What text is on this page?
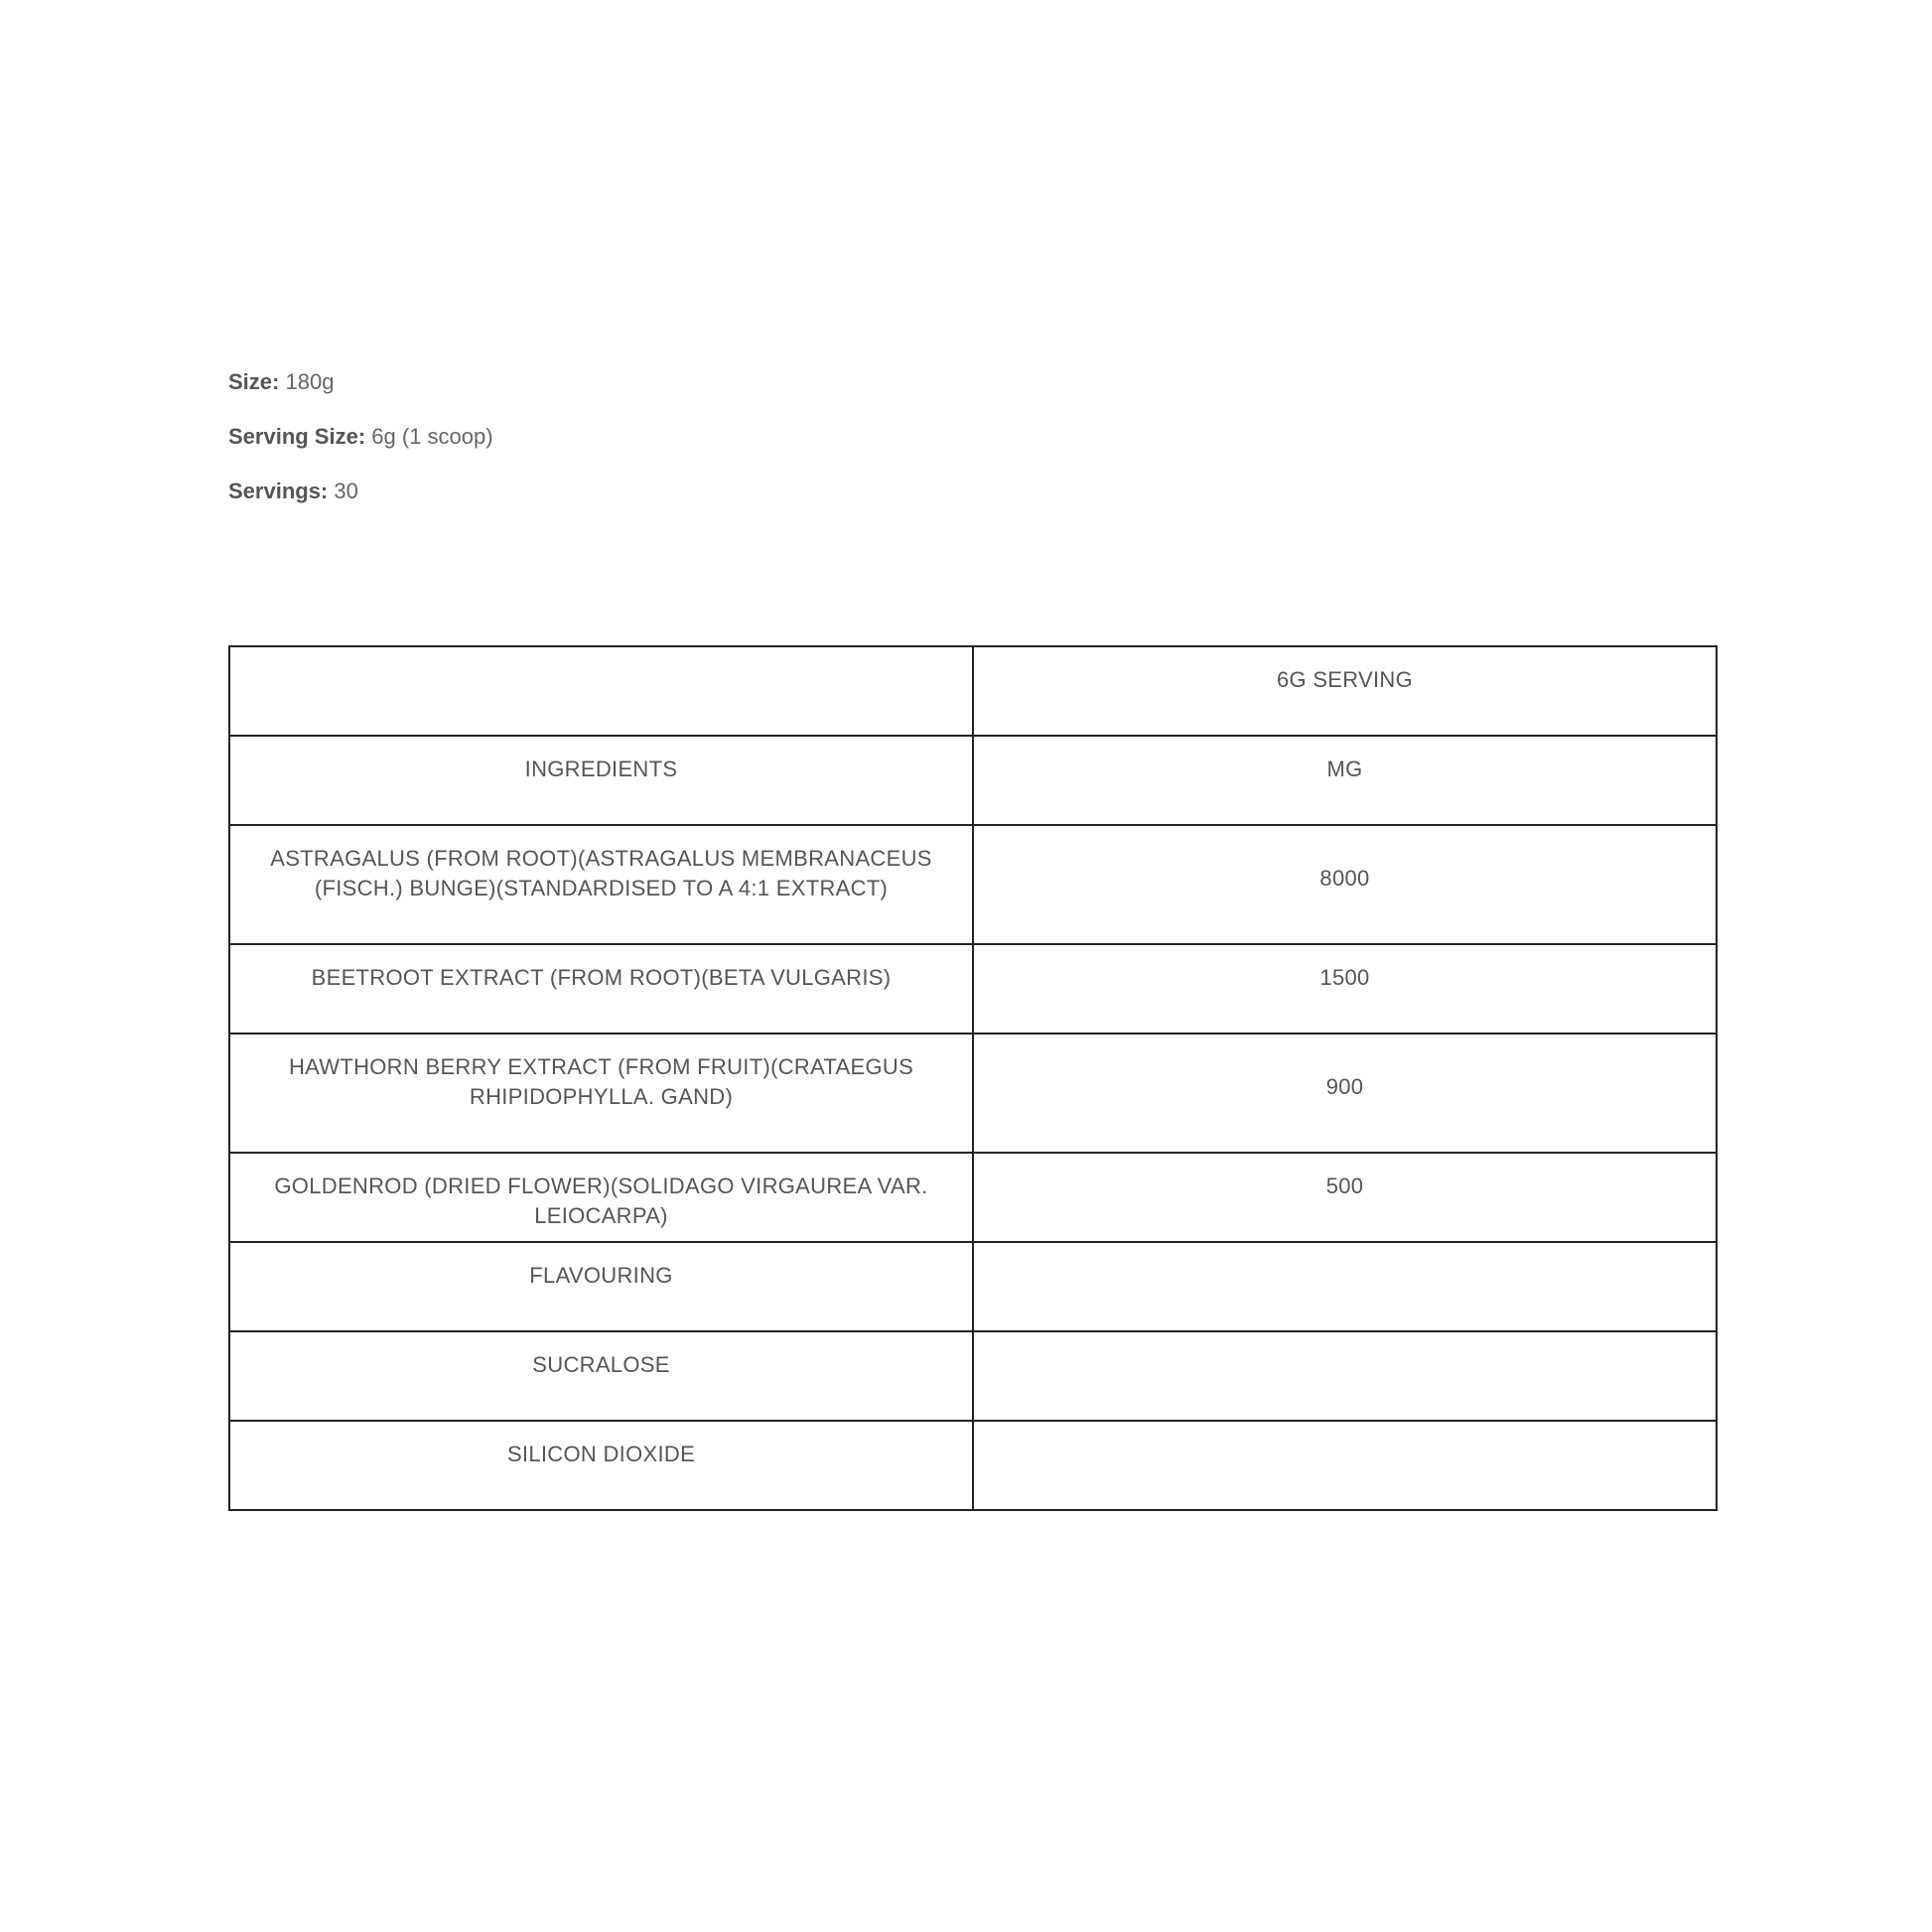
Size: 180g

Serving Size: 6g (1 scoop)

Servings: 30

	6G SERVING
INGREDIENTS	MG
ASTRAGALUS (FROM ROOT)(ASTRAGALUS MEMBRANACEUS (FISCH.) BUNGE)(STANDARDISED TO A 4:1 EXTRACT)	8000
BEETROOT EXTRACT (FROM ROOT)(BETA VULGARIS)	1500
HAWTHORN BERRY EXTRACT (FROM FRUIT)(CRATAEGUS RHIPIDOPHYLLA. GAND)	900
GOLDENROD (DRIED FLOWER)(SOLIDAGO VIRGAUREA VAR. LEIOCARPA)	500
FLAVOURING	
SUCRALOSE	
SILICON DIOXIDE	
